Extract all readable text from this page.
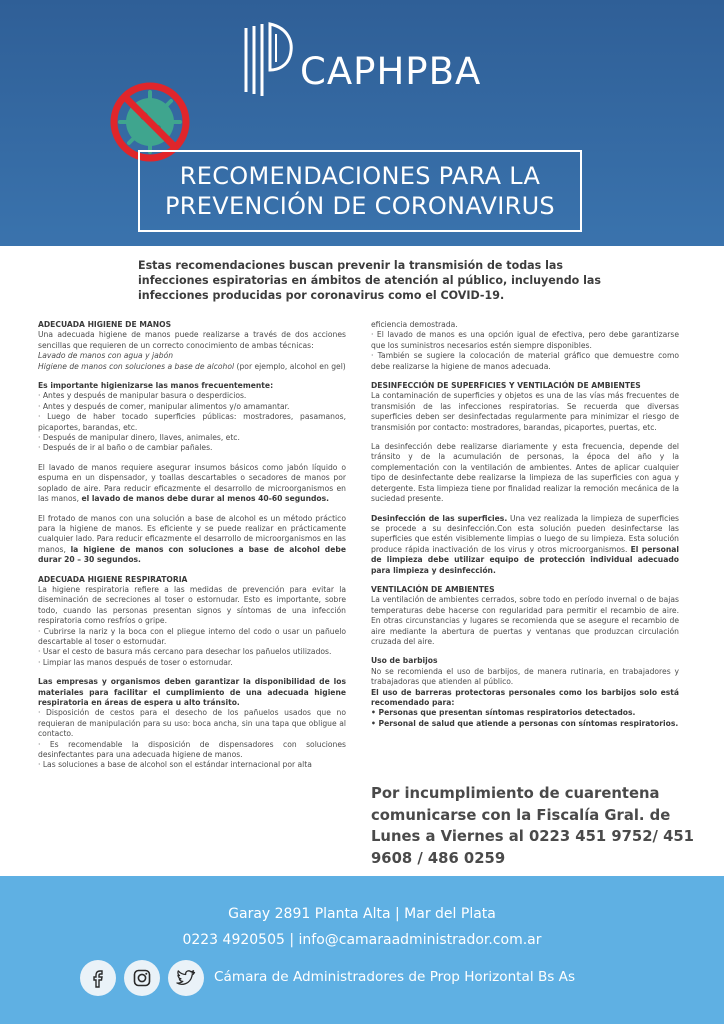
CAPHPBA
RECOMENDACIONES PARA LA
PREVENCIÓN DE CORONAVIRUS
Estas recomendaciones buscan prevenir la transmisión de todas las
infecciones espiratorias en ámbitos de atención al público, incluyendo las
infecciones producidas por coronavirus como el COVID-19.

ADECUADA HIGIENE DE MANOS

Una adecuada higiene de manos puede realizarse a través de dos acciones sencillas que requieren de un correcto conocimiento de ambas técnicas:

Lavado de manos con agua y jabón

Higiene de manos con soluciones a base de alcohol (por ejemplo, alcohol en gel)

Es importante higienizarse las manos frecuentemente:

· Antes y después de manipular basura o desperdicios.

· Antes y después de comer, manipular alimentos y/o amamantar.

· Luego de haber tocado superficies públicas: mostradores, pasamanos, picaportes, barandas, etc.

· Después de manipular dinero, llaves, animales, etc.

· Después de ir al baño o de cambiar pañales.

El lavado de manos requiere asegurar insumos básicos como jabón líquido o espuma en un dispensador, y toallas descartables o secadores de manos por soplado de aire. Para reducir eficazmente el desarrollo de microorganismos en las manos, el lavado de manos debe durar al menos 40-60 segundos.

El frotado de manos con una solución a base de alcohol es un método práctico para la higiene de manos. Es eficiente y se puede realizar en prácticamente cualquier lado. Para reducir eficazmente el desarrollo de microorganismos en las manos, la higiene de manos con soluciones a base de alcohol debe durar 20 – 30 segundos.

ADECUADA HIGIENE RESPIRATORIA

La higiene respiratoria refiere a las medidas de prevención para evitar la diseminación de secreciones al toser o estornudar. Esto es importante, sobre todo, cuando las personas presentan signos y síntomas de una infección respiratoria como resfríos o gripe.

· Cubrirse la nariz y la boca con el pliegue interno del codo o usar un pañuelo descartable al toser o estornudar.

· Usar el cesto de basura más cercano para desechar los pañuelos utilizados.

· Limpiar las manos después de toser o estornudar.

Las empresas y organismos deben garantizar la disponibilidad de los materiales para facilitar el cumplimiento de una adecuada higiene respiratoria en áreas de espera u alto tránsito.

· Disposición de cestos para el desecho de los pañuelos usados que no requieran de manipulación para su uso: boca ancha, sin una tapa que obligue al contacto.

· Es recomendable la disposición de dispensadores con soluciones desinfectantes para una adecuada higiene de manos.

· Las soluciones a base de alcohol son el estándar internacional por alta

eficiencia demostrada.

· El lavado de manos es una opción igual de efectiva, pero debe garantizarse que los suministros necesarios estén siempre disponibles.

· También se sugiere la colocación de material gráfico que demuestre como debe realizarse la higiene de manos adecuada.

DESINFECCIÓN DE SUPERFICIES Y VENTILACIÓN DE AMBIENTES

La contaminación de superficies y objetos es una de las vías más frecuentes de transmisión de las infecciones respiratorias. Se recuerda que diversas superficies deben ser desinfectadas regularmente para minimizar el riesgo de transmisión por contacto: mostradores, barandas, picaportes, puertas, etc.

La desinfección debe realizarse diariamente y esta frecuencia, depende del tránsito y de la acumulación de personas, la época del año y la complementación con la ventilación de ambientes. Antes de aplicar cualquier tipo de desinfectante debe realizarse la limpieza de las superficies con agua y detergente. Esta limpieza tiene por finalidad realizar la remoción mecánica de la suciedad presente.

Desinfección de las superficies. Una vez realizada la limpieza de superficies se procede a su desinfección.Con esta solución pueden desinfectarse las superficies que estén visiblemente limpias o luego de su limpieza. Esta solución produce rápida inactivación de los virus y otros microorganismos. El personal de limpieza debe utilizar equipo de protección individual adecuado para limpieza y desinfección.

VENTILACIÓN DE AMBIENTES

La ventilación de ambientes cerrados, sobre todo en período invernal o de bajas temperaturas debe hacerse con regularidad para permitir el recambio de aire. En otras circunstancias y lugares se recomienda que se asegure el recambio de aire mediante la abertura de puertas y ventanas que produzcan circulación cruzada del aire.

Uso de barbijos

No se recomienda el uso de barbijos, de manera rutinaria, en trabajadores y trabajadoras que atienden al público.

El uso de barreras protectoras personales como los barbijos solo está recomendado para:

• Personas que presentan síntomas respiratorios detectados.

• Personal de salud que atiende a personas con síntomas respiratorios.

Por incumplimiento de cuarentena
comunicarse con la Fiscalía Gral. de
Lunes a Viernes al 0223 451 9752/ 451
9608 / 486 0259
Garay 2891 Planta Alta | Mar del Plata
0223 4920505 | info@camaraadministrador.com.ar
Cámara de Administradores de Prop Horizontal Bs As
